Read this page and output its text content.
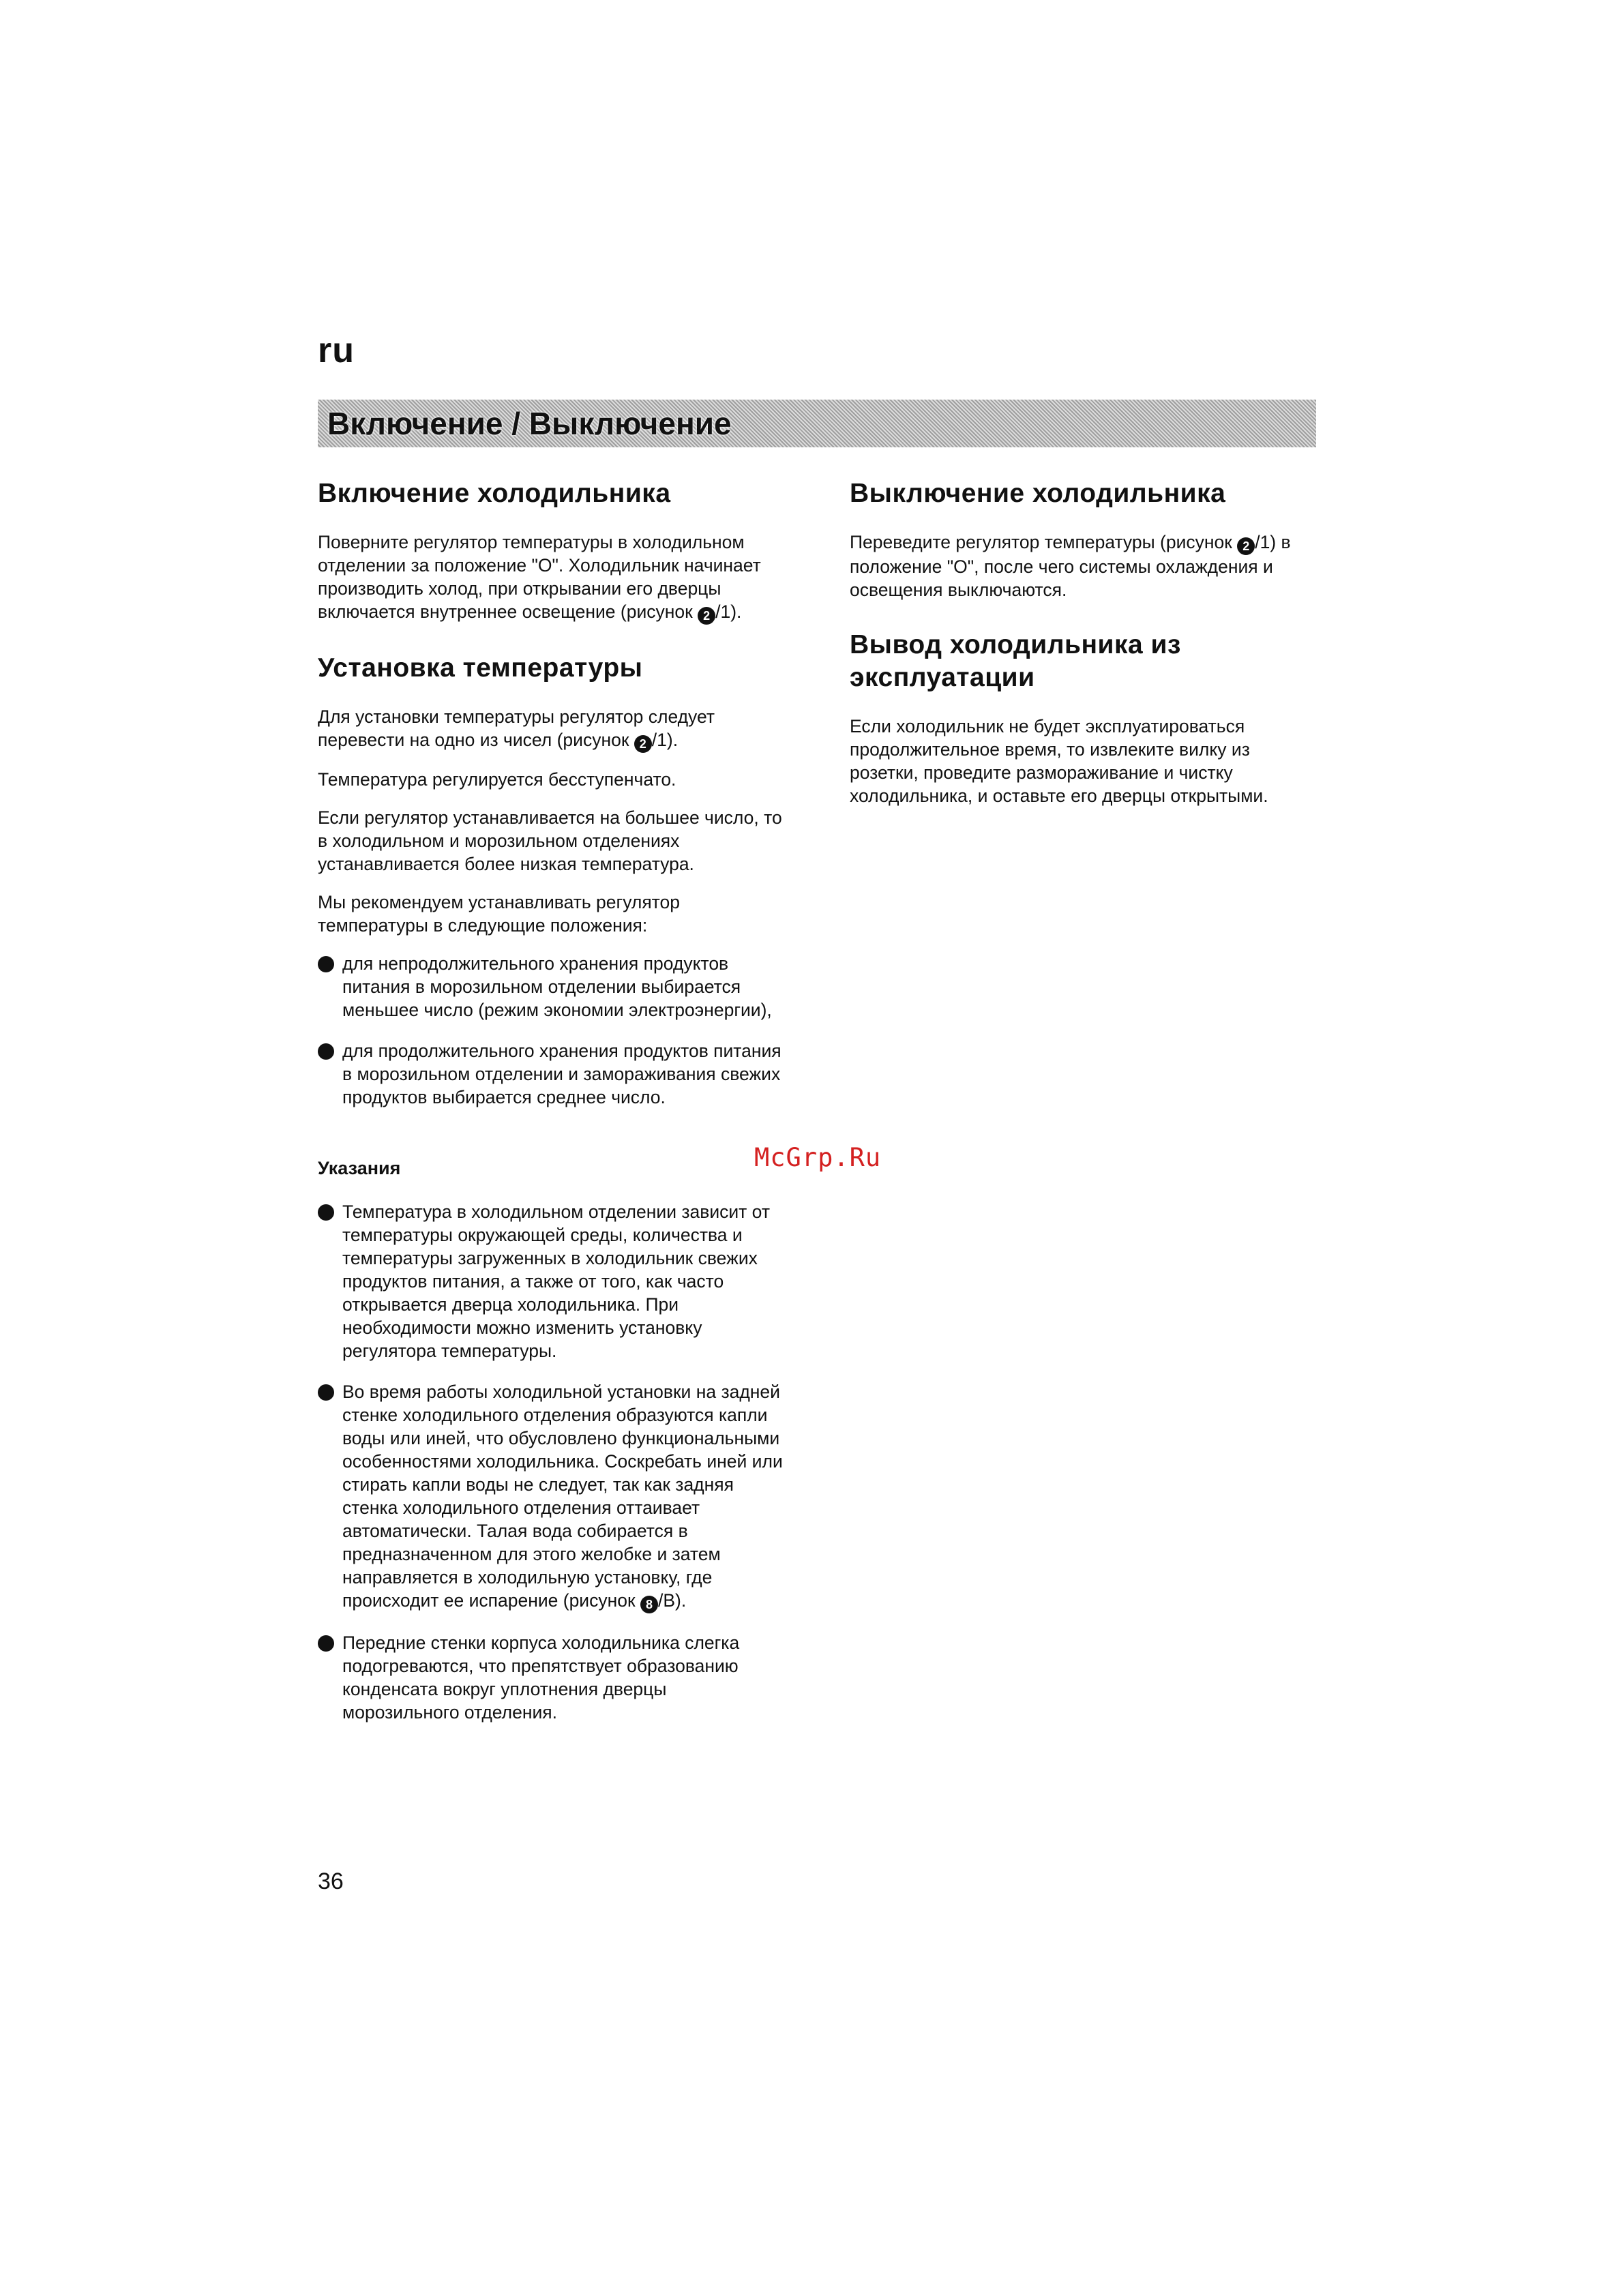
ru
Включение / Выключение
Включение холодильника

Поверните регулятор температуры в холодильном отделении за положение "O". Холодильник начинает производить холод, при открывании его дверцы включается внутреннее освещение (рисунок 2 /1).

Установка температуры

Для установки температуры регулятор следует перевести на одно из чисел (рисунок 2 /1).

Температура регулируется бесступенчато.

Если регулятор устанавливается на большее число, то в холодильном и морозильном отделениях устанавливается более низкая температура.

Мы рекомендуем устанавливать регулятор температуры в следующие положения:

для непродолжительного хранения продуктов питания в морозильном отделении выбирается меньшее число (режим экономии электроэнергии),
для продолжительного хранения продуктов питания в морозильном отделении и замораживания свежих продуктов выбирается среднее число.
Указания
Температура в холодильном отделении зависит от температуры окружающей среды, количества и температуры загруженных в холодильник свежих продуктов питания, а также от того, как часто открывается дверца холодильника. При необходимости можно изменить установку регулятора температуры.
Во время работы холодильной установки на задней стенке холодильного отделения образуются капли воды или иней, что обусловлено функциональными особенностями холодильника. Соскребать иней или стирать капли воды не следует, так как задняя стенка холодильного отделения оттаивает автоматически. Талая вода собирается в предназначенном для этого желобке и затем направляется в холодильную установку, где происходит ее испарение (рисунок 8 /B).
Передние стенки корпуса холодильника слегка подогреваются, что препятствует образованию конденсата вокруг уплотнения дверцы морозильного отделения.
Выключение холодильника

Переведите регулятор температуры (рисунок 2 /1) в положение "O", после чего системы охлаждения и освещения выключаются.

Вывод холодильника из эксплуатации

Если холодильник не будет эксплуатироваться продолжительное время, то извлеките вилку из розетки, проведите размораживание и чистку холодильника, и оставьте его дверцы открытыми.

McGrp.Ru
36
